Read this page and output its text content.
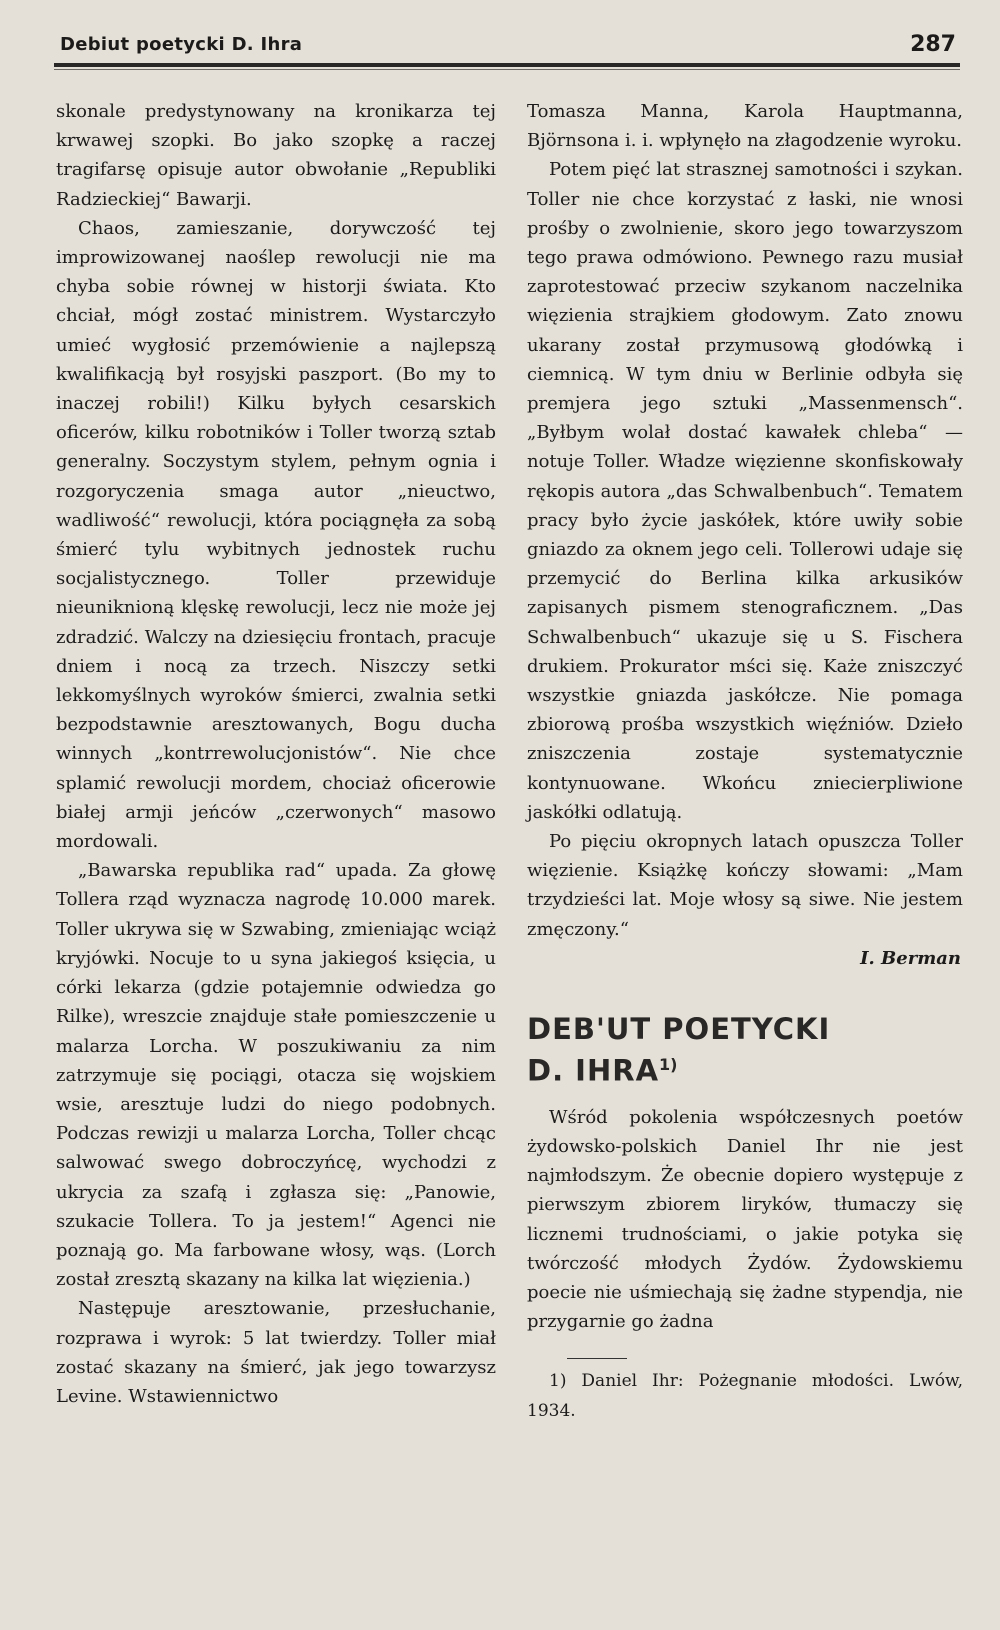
Debiut poetycki D. Ihra	287

skonale predystynowany na kronikarza tej krwawej szopki. Bo jako szopkę a raczej tragifarsę opisuje autor obwołanie „Republiki Radzieckiej“ Bawarji.

Chaos, zamieszanie, dorywczość tej improwizowanej naoślep rewolucji nie ma chyba sobie równej w historji świata. Kto chciał, mógł zostać ministrem. Wystarczyło umieć wygłosić przemówienie a najlepszą kwalifikacją był rosyjski paszport. (Bo my to inaczej robili!) Kilku byłych cesarskich oficerów, kilku robotników i Toller tworzą sztab generalny. Soczystym stylem, pełnym ognia i rozgoryczenia smaga autor „nieuctwo, wadliwość“ rewolucji, która pociągnęła za sobą śmierć tylu wybitnych jednostek ruchu socjalistycznego. Toller przewiduje nieuniknioną klęskę rewolucji, lecz nie może jej zdradzić. Walczy na dziesięciu frontach, pracuje dniem i nocą za trzech. Niszczy setki lekkomyślnych wyroków śmierci, zwalnia setki bezpodstawnie aresztowanych, Bogu ducha winnych „kontrrewolucjonistów“. Nie chce splamić rewolucji mordem, chociaż oficerowie białej armji jeńców „czerwonych“ masowo mordowali.

„Bawarska republika rad“ upada. Za głowę Tollera rząd wyznacza nagrodę 10.000 marek. Toller ukrywa się w Szwabing, zmieniając wciąż kryjówki. Nocuje to u syna jakiegoś księcia, u córki lekarza (gdzie potajemnie odwiedza go Rilke), wreszcie znajduje stałe pomieszczenie u malarza Lorcha. W poszukiwaniu za nim zatrzymuje się pociągi, otacza się wojskiem wsie, aresztuje ludzi do niego podobnych. Podczas rewizji u malarza Lorcha, Toller chcąc salwować swego dobroczyńcę, wychodzi z ukrycia za szafą i zgłasza się: „Panowie, szukacie Tollera. To ja jestem!“ Agenci nie poznają go. Ma farbowane włosy, wąs. (Lorch został zresztą skazany na kilka lat więzienia.)

Następuje aresztowanie, przesłuchanie, rozprawa i wyrok: 5 lat twierdzy. Toller miał zostać skazany na śmierć, jak jego towarzysz Levine. Wstawiennictwo

Tomasza Manna, Karola Hauptmanna, Björnsona i. i. wpłynęło na złagodzenie wyroku.

Potem pięć lat strasznej samotności i szykan. Toller nie chce korzystać z łaski, nie wnosi prośby o zwolnienie, skoro jego towarzyszom tego prawa odmówiono. Pewnego razu musiał zaprotestować przeciw szykanom naczelnika więzienia strajkiem głodowym. Zato znowu ukarany został przymusową głodówką i ciemnicą. W tym dniu w Berlinie odbyła się premjera jego sztuki „Massenmensch“. „Byłbym wolał dostać kawałek chleba“ — notuje Toller. Władze więzienne skonfiskowały rękopis autora „das Schwalbenbuch“. Tematem pracy było życie jaskółek, które uwiły sobie gniazdo za oknem jego celi. Tollerowi udaje się przemycić do Berlina kilka arkusików zapisanych pismem stenograficznem. „Das Schwalbenbuch“ ukazuje się u S. Fischera drukiem. Prokurator mści się. Każe zniszczyć wszystkie gniazda jaskółcze. Nie pomaga zbiorową prośba wszystkich więźniów. Dzieło zniszczenia zostaje systematycznie kontynuowane. Wkońcu zniecierpliwione jaskółki odlatują.

Po pięciu okropnych latach opuszcza Toller więzienie. Książkę kończy słowami: „Mam trzydzieści lat. Moje włosy są siwe. Nie jestem zmęczony.“

I. Berman

DEB'UT POETYCKI
D. IHRA$^{1)}$

Wśród pokolenia współczesnych poetów żydowsko-polskich Daniel Ihr nie jest najmłodszym. Że obecnie dopiero występuje z pierwszym zbiorem liryków, tłumaczy się licznemi trudnościami, o jakie potyka się twórczość młodych Żydów. Żydowskiemu poecie nie uśmiechają się żadne stypendja, nie przygarnie go żadna

1) Daniel Ihr: Pożegnanie młodości. Lwów, 1934.
